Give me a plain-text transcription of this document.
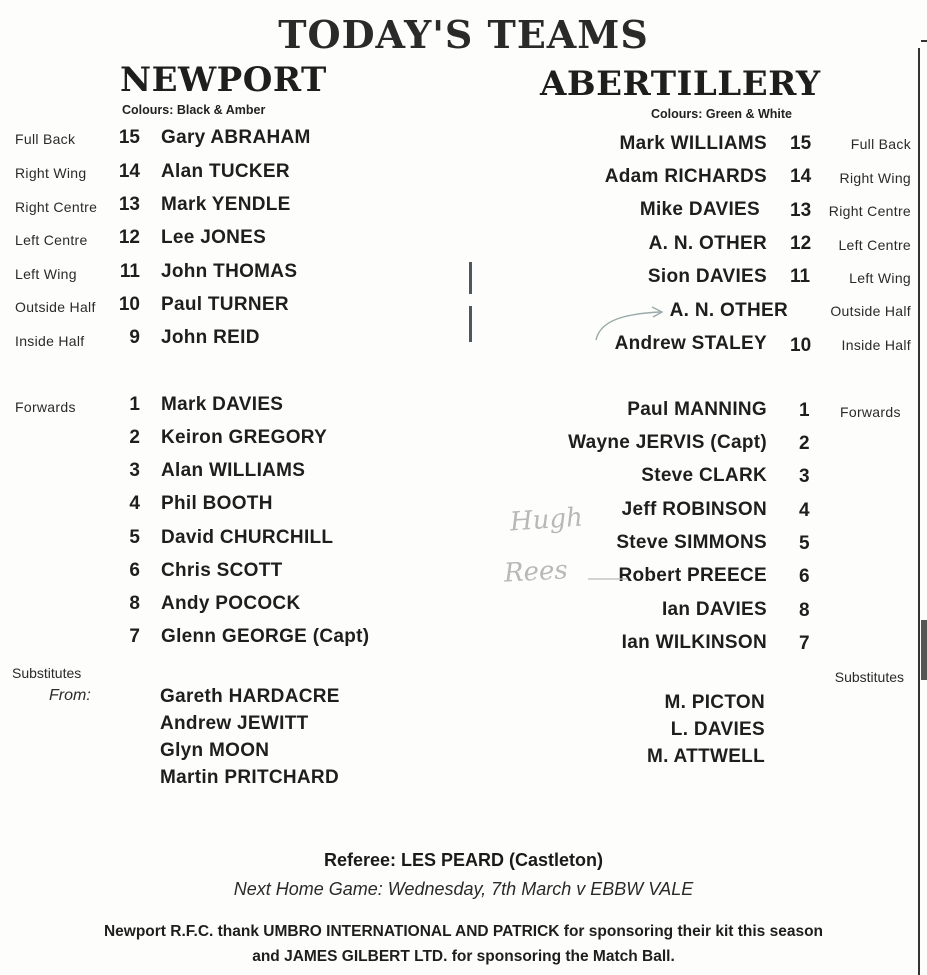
TODAY'S TEAMS
NEWPORT
Colours: Black & Amber
ABERTILLERY
Colours: Green & White
Full Back	15 Gary ABRAHAM
Right Wing	14 Alan TUCKER
Right Centre	13 Mark YENDLE
Left Centre	12 Lee JONES
Left Wing	11 John THOMAS
Outside Half	10 Paul TURNER
Inside Half	9 John REID
Forwards	1 Mark DAVIES
2 Keiron GREGORY
3 Alan WILLIAMS
4 Phil BOOTH
5 David CHURCHILL
6 Chris SCOTT
8 Andy POCOCK
7 Glenn GEORGE (Capt)
Substitutes
From:	Gareth HARDACRE
Andrew JEWITT
Glyn MOON
Martin PRITCHARD
Mark WILLIAMS 15	Full Back
Adam RICHARDS 14	Right Wing
Mike DAVIES 13	Right Centre
A. N. OTHER 12	Left Centre
Sion DAVIES 11	Left Wing
A. N. OTHER	Outside Half
Andrew STALEY 10	Inside Half
Forwards
Paul MANNING 1
Wayne JERVIS (Capt) 2
Steve CLARK 3
Jeff ROBINSON 4
Steve SIMMONS 5
Robert PREECE 6
Ian DAVIES 8
Ian WILKINSON 7
Substitutes
M. PICTON
L. DAVIES
M. ATTWELL
Referee: LES PEARD (Castleton)
Next Home Game: Wednesday, 7th March v EBBW VALE
Newport R.F.C. thank UMBRO INTERNATIONAL AND PATRICK for sponsoring their kit this season
and JAMES GILBERT LTD. for sponsoring the Match Ball.
Hugh
Rees
